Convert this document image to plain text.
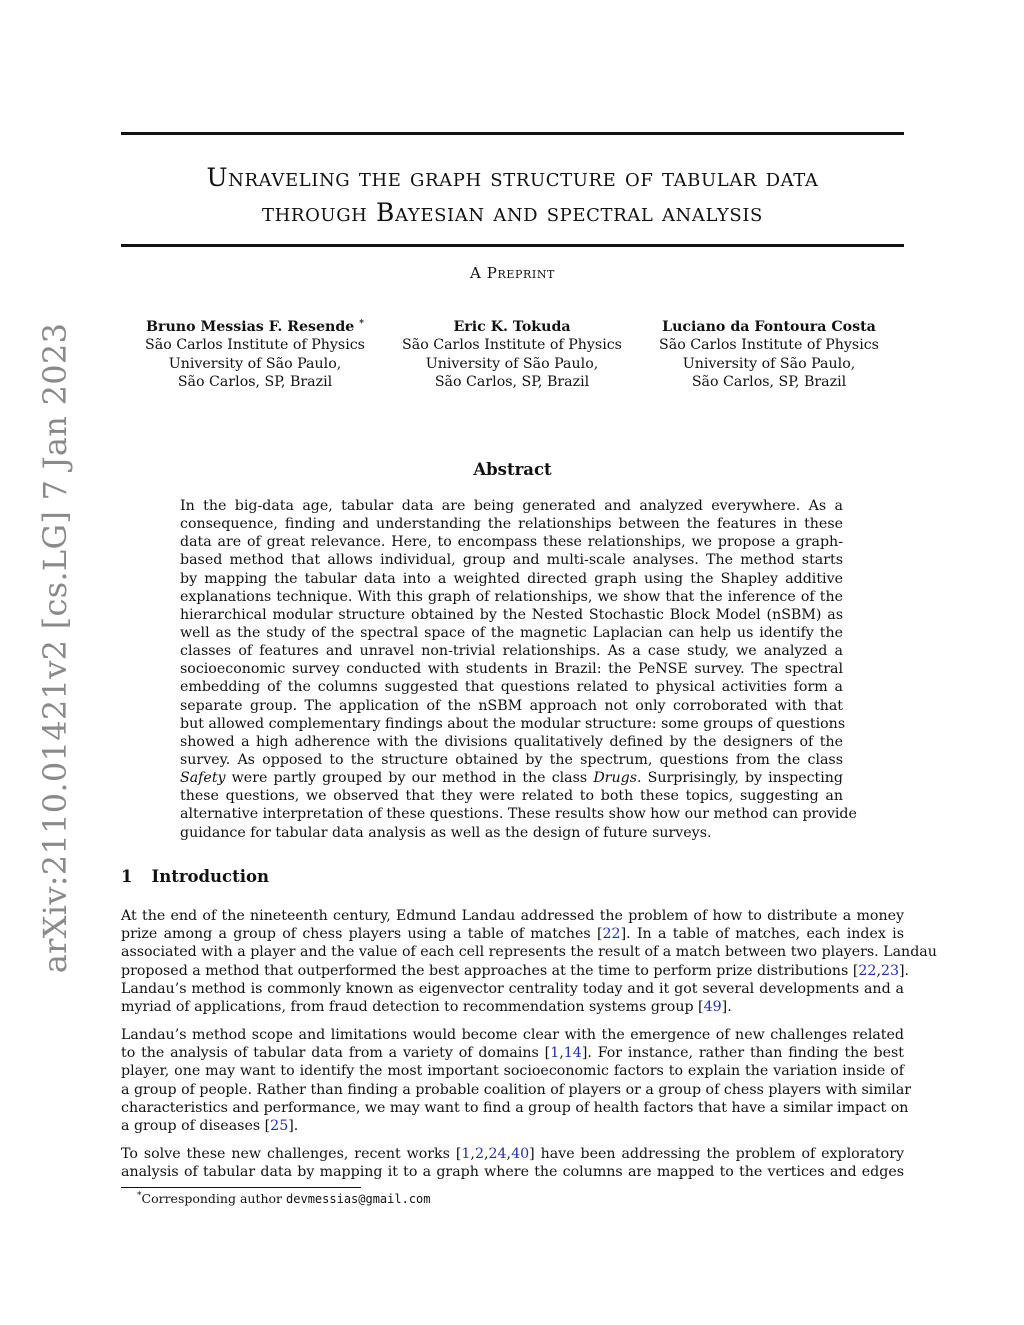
Unraveling the graph structure of tabular data
through Bayesian and spectral analysis
A Preprint
Bruno Messias F. Resende *
São Carlos Institute of Physics
University of São Paulo,
São Carlos, SP, Brazil
Eric K. Tokuda
São Carlos Institute of Physics
University of São Paulo,
São Carlos, SP, Brazil
Luciano da Fontoura Costa
São Carlos Institute of Physics
University of São Paulo,
São Carlos, SP, Brazil
arXiv:2110.01421v2 [cs.LG] 7 Jan 2023	Abstract
In the big-data age, tabular data are being generated and analyzed everywhere. As a
consequence, finding and understanding the relationships between the features in these
data are of great relevance. Here, to encompass these relationships, we propose a graph-
based method that allows individual, group and multi-scale analyses. The method starts
by mapping the tabular data into a weighted directed graph using the Shapley additive
explanations technique. With this graph of relationships, we show that the inference of the
hierarchical modular structure obtained by the Nested Stochastic Block Model (nSBM) as
well as the study of the spectral space of the magnetic Laplacian can help us identify the
classes of features and unravel non-trivial relationships. As a case study, we analyzed a
socioeconomic survey conducted with students in Brazil: the PeNSE survey. The spectral
embedding of the columns suggested that questions related to physical activities form a
separate group. The application of the nSBM approach not only corroborated with that
but allowed complementary findings about the modular structure: some groups of questions
showed a high adherence with the divisions qualitatively defined by the designers of the
survey. As opposed to the structure obtained by the spectrum, questions from the class
Safety were partly grouped by our method in the class Drugs. Surprisingly, by inspecting
these questions, we observed that they were related to both these topics, suggesting an
alternative interpretation of these questions. These results show how our method can provide
guidance for tabular data analysis as well as the design of future surveys.
1 Introduction
At the end of the nineteenth century, Edmund Landau addressed the problem of how to distribute a money
prize among a group of chess players using a table of matches [22]. In a table of matches, each index is
associated with a player and the value of each cell represents the result of a match between two players. Landau
proposed a method that outperformed the best approaches at the time to perform prize distributions [22,23].
Landau’s method is commonly known as eigenvector centrality today and it got several developments and a
myriad of applications, from fraud detection to recommendation systems group [49].
Landau’s method scope and limitations would become clear with the emergence of new challenges related
to the analysis of tabular data from a variety of domains [1,14]. For instance, rather than finding the best
player, one may want to identify the most important socioeconomic factors to explain the variation inside of
a group of people. Rather than finding a probable coalition of players or a group of chess players with similar
characteristics and performance, we may want to find a group of health factors that have a similar impact on
a group of diseases [25].
To solve these new challenges, recent works [1,2,24,40] have been addressing the problem of exploratory
analysis of tabular data by mapping it to a graph where the columns are mapped to the vertices and edges
*Corresponding author devmessias@gmail.com
